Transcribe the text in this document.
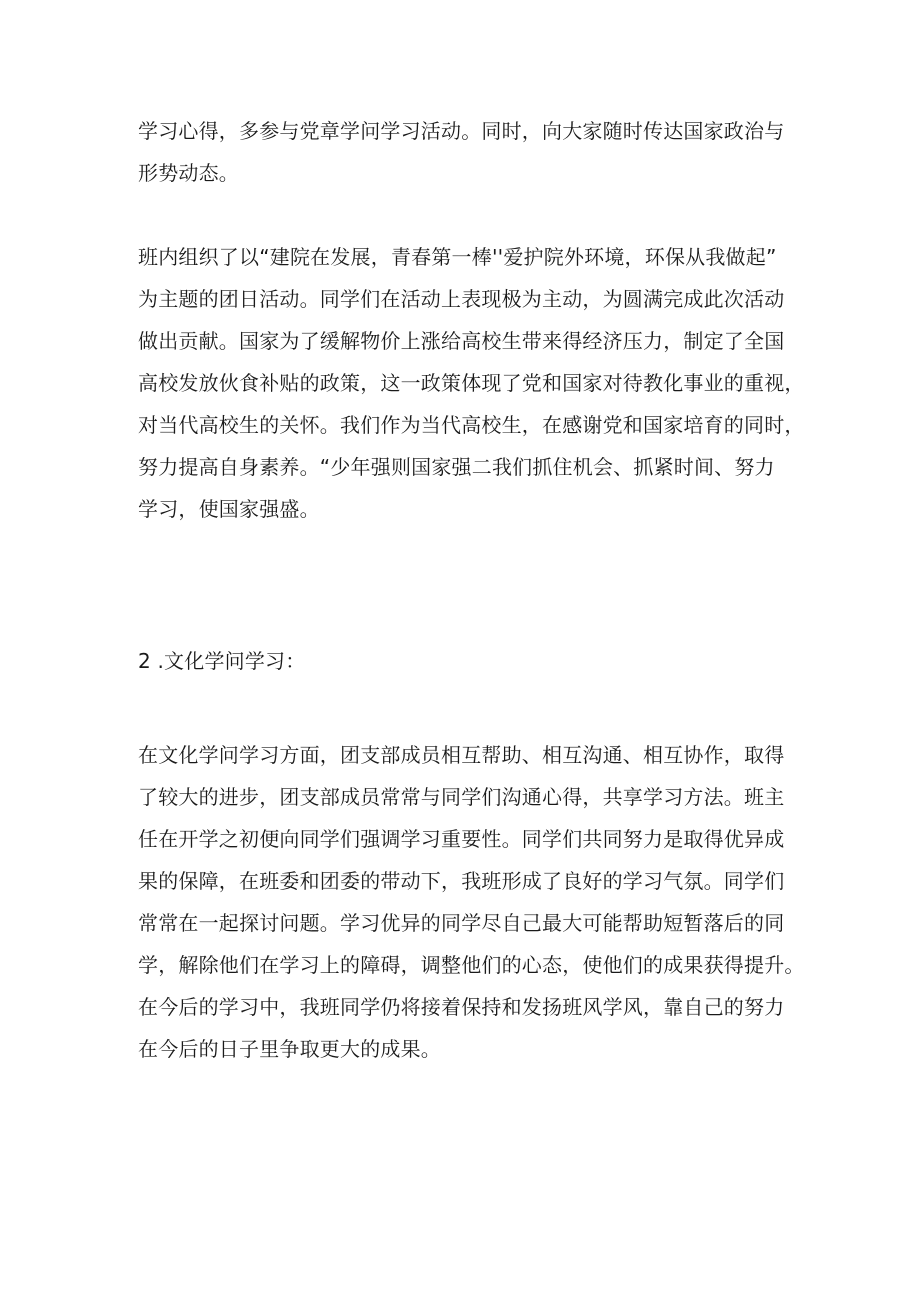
学习心得，多参与党章学问学习活动。同时，向大家随时传达国家政治与
形势动态。
班内组织了以“建院在发展，青春第一棒''爱护院外环境，环保从我做起”
为主题的团日活动。同学们在活动上表现极为主动，为圆满完成此次活动
做出贡献。国家为了缓解物价上涨给高校生带来得经济压力，制定了全国
高校发放伙食补贴的政策，这一政策体现了党和国家对待教化事业的重视，
对当代高校生的关怀。我们作为当代高校生，在感谢党和国家培育的同时，
努力提高自身素养。“少年强则国家强二我们抓住机会、抓紧时间、努力
学习，使国家强盛。
2 .文化学问学习：
在文化学问学习方面，团支部成员相互帮助、相互沟通、相互协作，取得
了较大的进步，团支部成员常常与同学们沟通心得，共享学习方法。班主
任在开学之初便向同学们强调学习重要性。同学们共同努力是取得优异成
果的保障，在班委和团委的带动下，我班形成了良好的学习气氛。同学们
常常在一起探讨问题。学习优异的同学尽自己最大可能帮助短暂落后的同
学，解除他们在学习上的障碍，调整他们的心态，使他们的成果获得提升。
在今后的学习中，我班同学仍将接着保持和发扬班风学风，靠自己的努力
在今后的日子里争取更大的成果。
